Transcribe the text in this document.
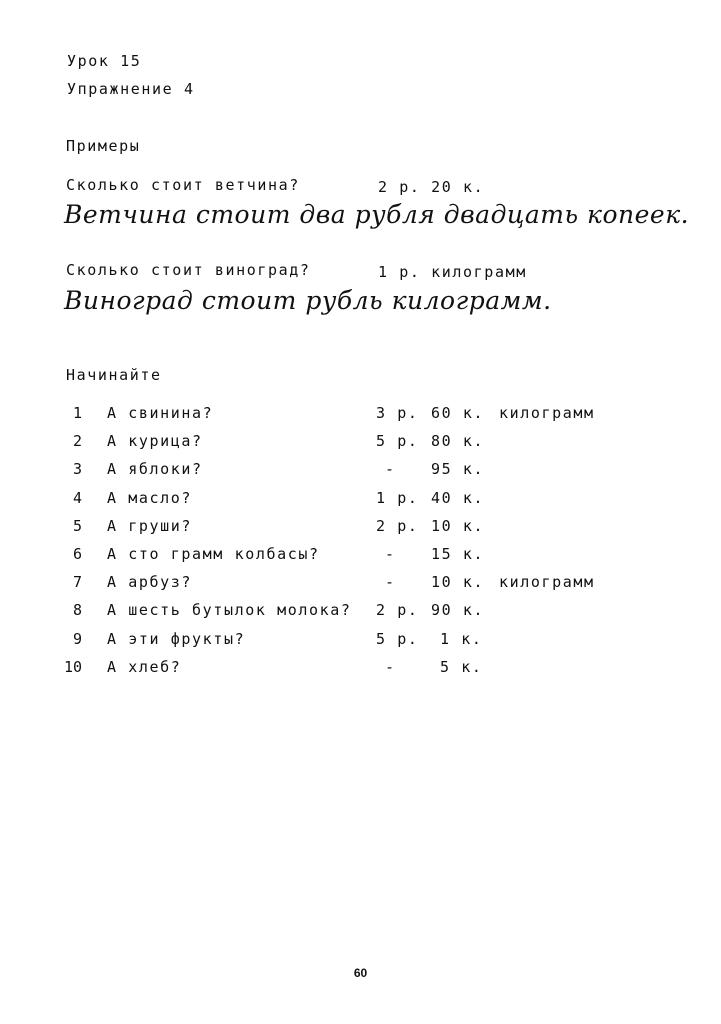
Урок 15
Упражнение 4
Примеры
Сколько стоит ветчина?	2 р. 20 к.
Ветчина стоит два рубля двадцать копеек.
Сколько стоит виноград?	1 р. килограмм
Виноград стоит рубль килограмм.
Начинайте
1 А свинина?	3 р. 60 к. килограмм
2 А курица?	5 р. 80 к.
3 А яблоки?	- 95 к.
4 А масло?	1 р. 40 к.
5 А груши?	2 р. 10 к.
6 А сто грамм колбасы?	- 15 к.
7 А арбуз?	- 10 к. килограмм
8 А шесть бутылок молока? 2 р. 90 к.
9 А эти фрукты?	5 р. 1 к.
10 А хлеб?	-	5 к.
60
